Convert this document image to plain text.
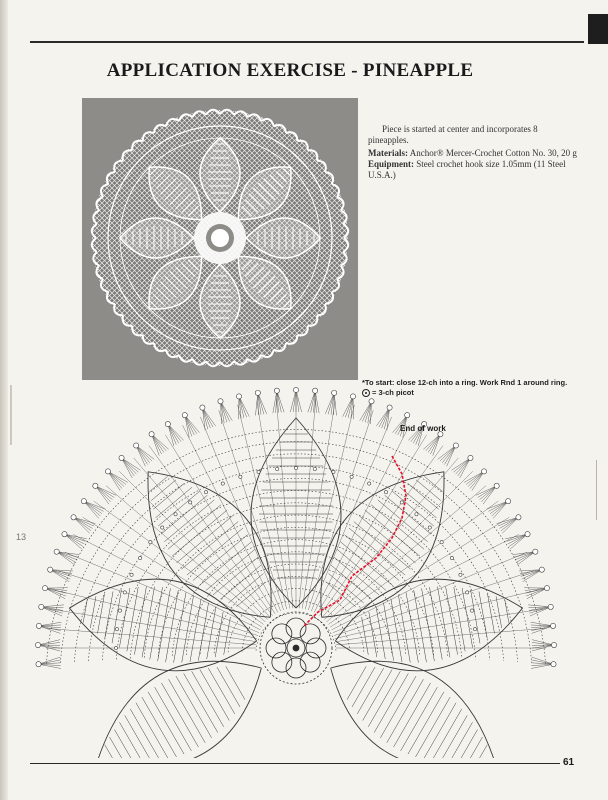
APPLICATION EXERCISE - PINEAPPLE

Piece is started at center and incorporates 8 pineapples.

Materials: Anchor® Mercer-Crochet Cotton No. 30, 20 g

Equipment: Steel crochet hook size 1.05mm (11 Steel U.S.A.)

*To start: close 12-ch into a ring. Work Rnd 1 around ring.
= 3-ch picot
End of work
13
61
